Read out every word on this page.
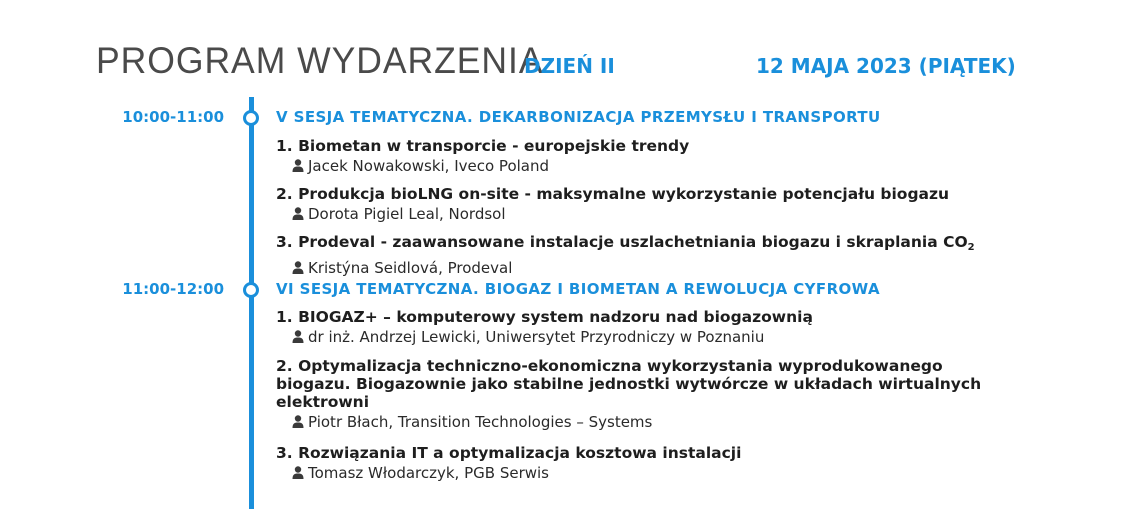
PROGRAM WYDARZENIA
DZIEŃ II	12 MAJA 2023 (PIĄTEK)
10:00-11:00	V SESJA TEMATYCZNA. DEKARBONIZACJA PRZEMYSŁU I TRANSPORTU
1. Biometan w transporcie - europejskie trendy
Jacek Nowakowski, Iveco Poland
2. Produkcja bioLNG on-site - maksymalne wykorzystanie potencjału biogazu
Dorota Pigiel Leal, Nordsol
3. Prodeval - zaawansowane instalacje uszlachetniania biogazu i skraplania $CO_2$
Kristýna Seidlová, Prodeval
11:00-12:00	VI SESJA TEMATYCZNA. BIOGAZ I BIOMETAN A REWOLUCJA CYFROWA
1. BIOGAZ+ – komputerowy system nadzoru nad biogazownią
dr inż. Andrzej Lewicki, Uniwersytet Przyrodniczy w Poznaniu
2. Optymalizacja techniczno-ekonomiczna wykorzystania wyprodukowanego
biogazu. Biogazownie jako stabilne jednostki wytwórcze w układach wirtualnych
elektrowni
Piotr Błach, Transition Technologies – Systems
3. Rozwiązania IT a optymalizacja kosztowa instalacji
Tomasz Włodarczyk, PGB Serwis
